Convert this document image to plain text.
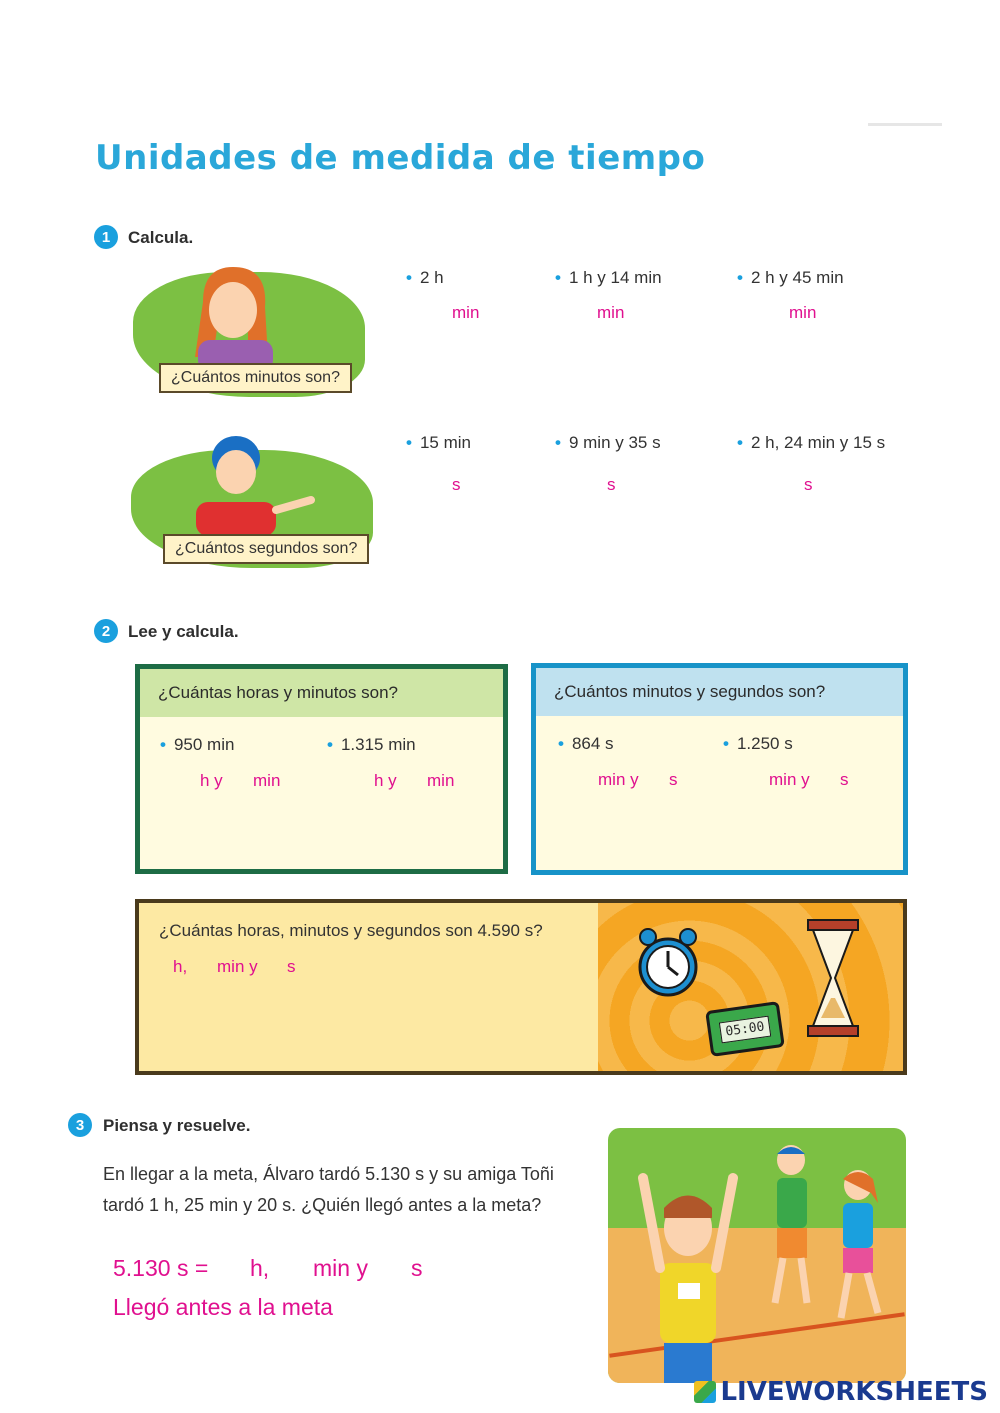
Unidades de medida de tiempo
1	Calcula.
¿Cuántos minutos son?
• 2 h	• 1 h y 14 min	• 2 h y 45 min
min	min	min
¿Cuántos segundos son?
• 15 min	• 9 min y 35 s	• 2 h, 24 min y 15 s
s	s	s
2	Lee y calcula.
¿Cuántas horas y minutos son?
• 950 min	• 1.315 min
h y min	h y min
¿Cuántos minutos y segundos son?
• 864 s	• 1.250 s
min y s	min y s
05:00
¿Cuántas horas, minutos y segundos son 4.590 s?
h, min y s
3	Piensa y resuelve.
En llegar a la meta, Álvaro tardó 5.130 s y su amiga Toñi
tardó 1 h, 25 min y 20 s. ¿Quién llegó antes a la meta?
5.130 s = h, min y s
Llegó antes a la meta
LIVEWORKSHEETS
